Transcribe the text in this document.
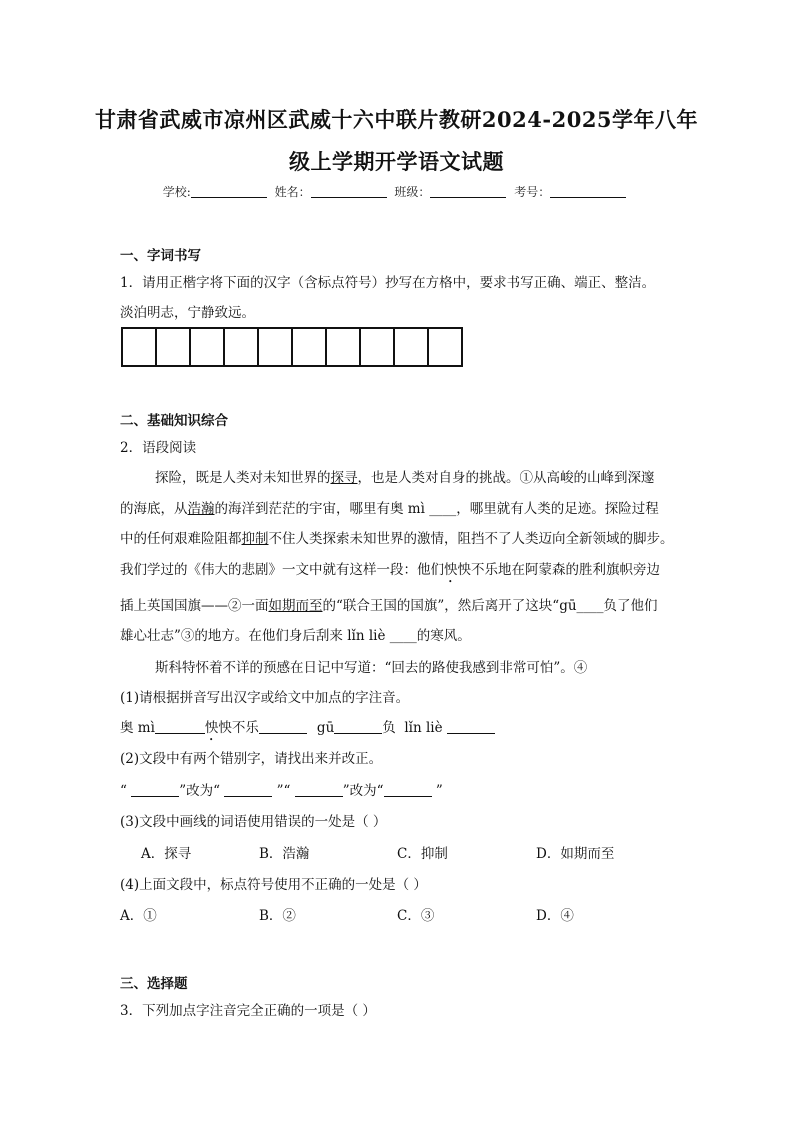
甘肃省武威市凉州区武威十六中联片教研2024-2025学年八年
级上学期开学语文试题
学校:	姓名：	班级：	考号：
一、字词书写
1．请用正楷字将下面的汉字（含标点符号）抄写在方格中，要求书写正确、端正、整洁。
淡泊明志，宁静致远。
二、基础知识综合
2．语段阅读
探险，既是人类对未知世界的探寻，也是人类对自身的挑战。①从高峻的山峰到深邃
的海底，从浩瀚的海洋到茫茫的宇宙，哪里有奥 mì ____，哪里就有人类的足迹。探险过程
中的任何艰难险阻都抑制不住人类探索未知世界的激情，阻挡不了人类迈向全新领域的脚步。
我们学过的《伟大的悲剧》一文中就有这样一段：他们怏怏不乐地在阿蒙森的胜利旗帜旁边
插上英国国旗——②一面如期而至的“联合王国的国旗”，然后离开了这块“gū____负了他们
雄心壮志”③的地方。在他们身后刮来 lǐn liè ____的寒风。
斯科特怀着不详的预感在日记中写道：“回去的路使我感到非常可怕”。④
(1)请根据拼音写出汉字或给文中加点的字注音。
奥 mì	怏怏不乐	gū	负 lǐn liè
(2)文段中有两个错别字，请找出来并改正。
“	”改为“	”“	”改为“	”
(3)文段中画线的词语使用错误的一处是（ ）
A．探寻	B．浩瀚	C．抑制	D．如期而至
(4)上面文段中，标点符号使用不正确的一处是（ ）
A．①	B．②	C．③	D．④
三、选择题
3．下列加点字注音完全正确的一项是（ ）
